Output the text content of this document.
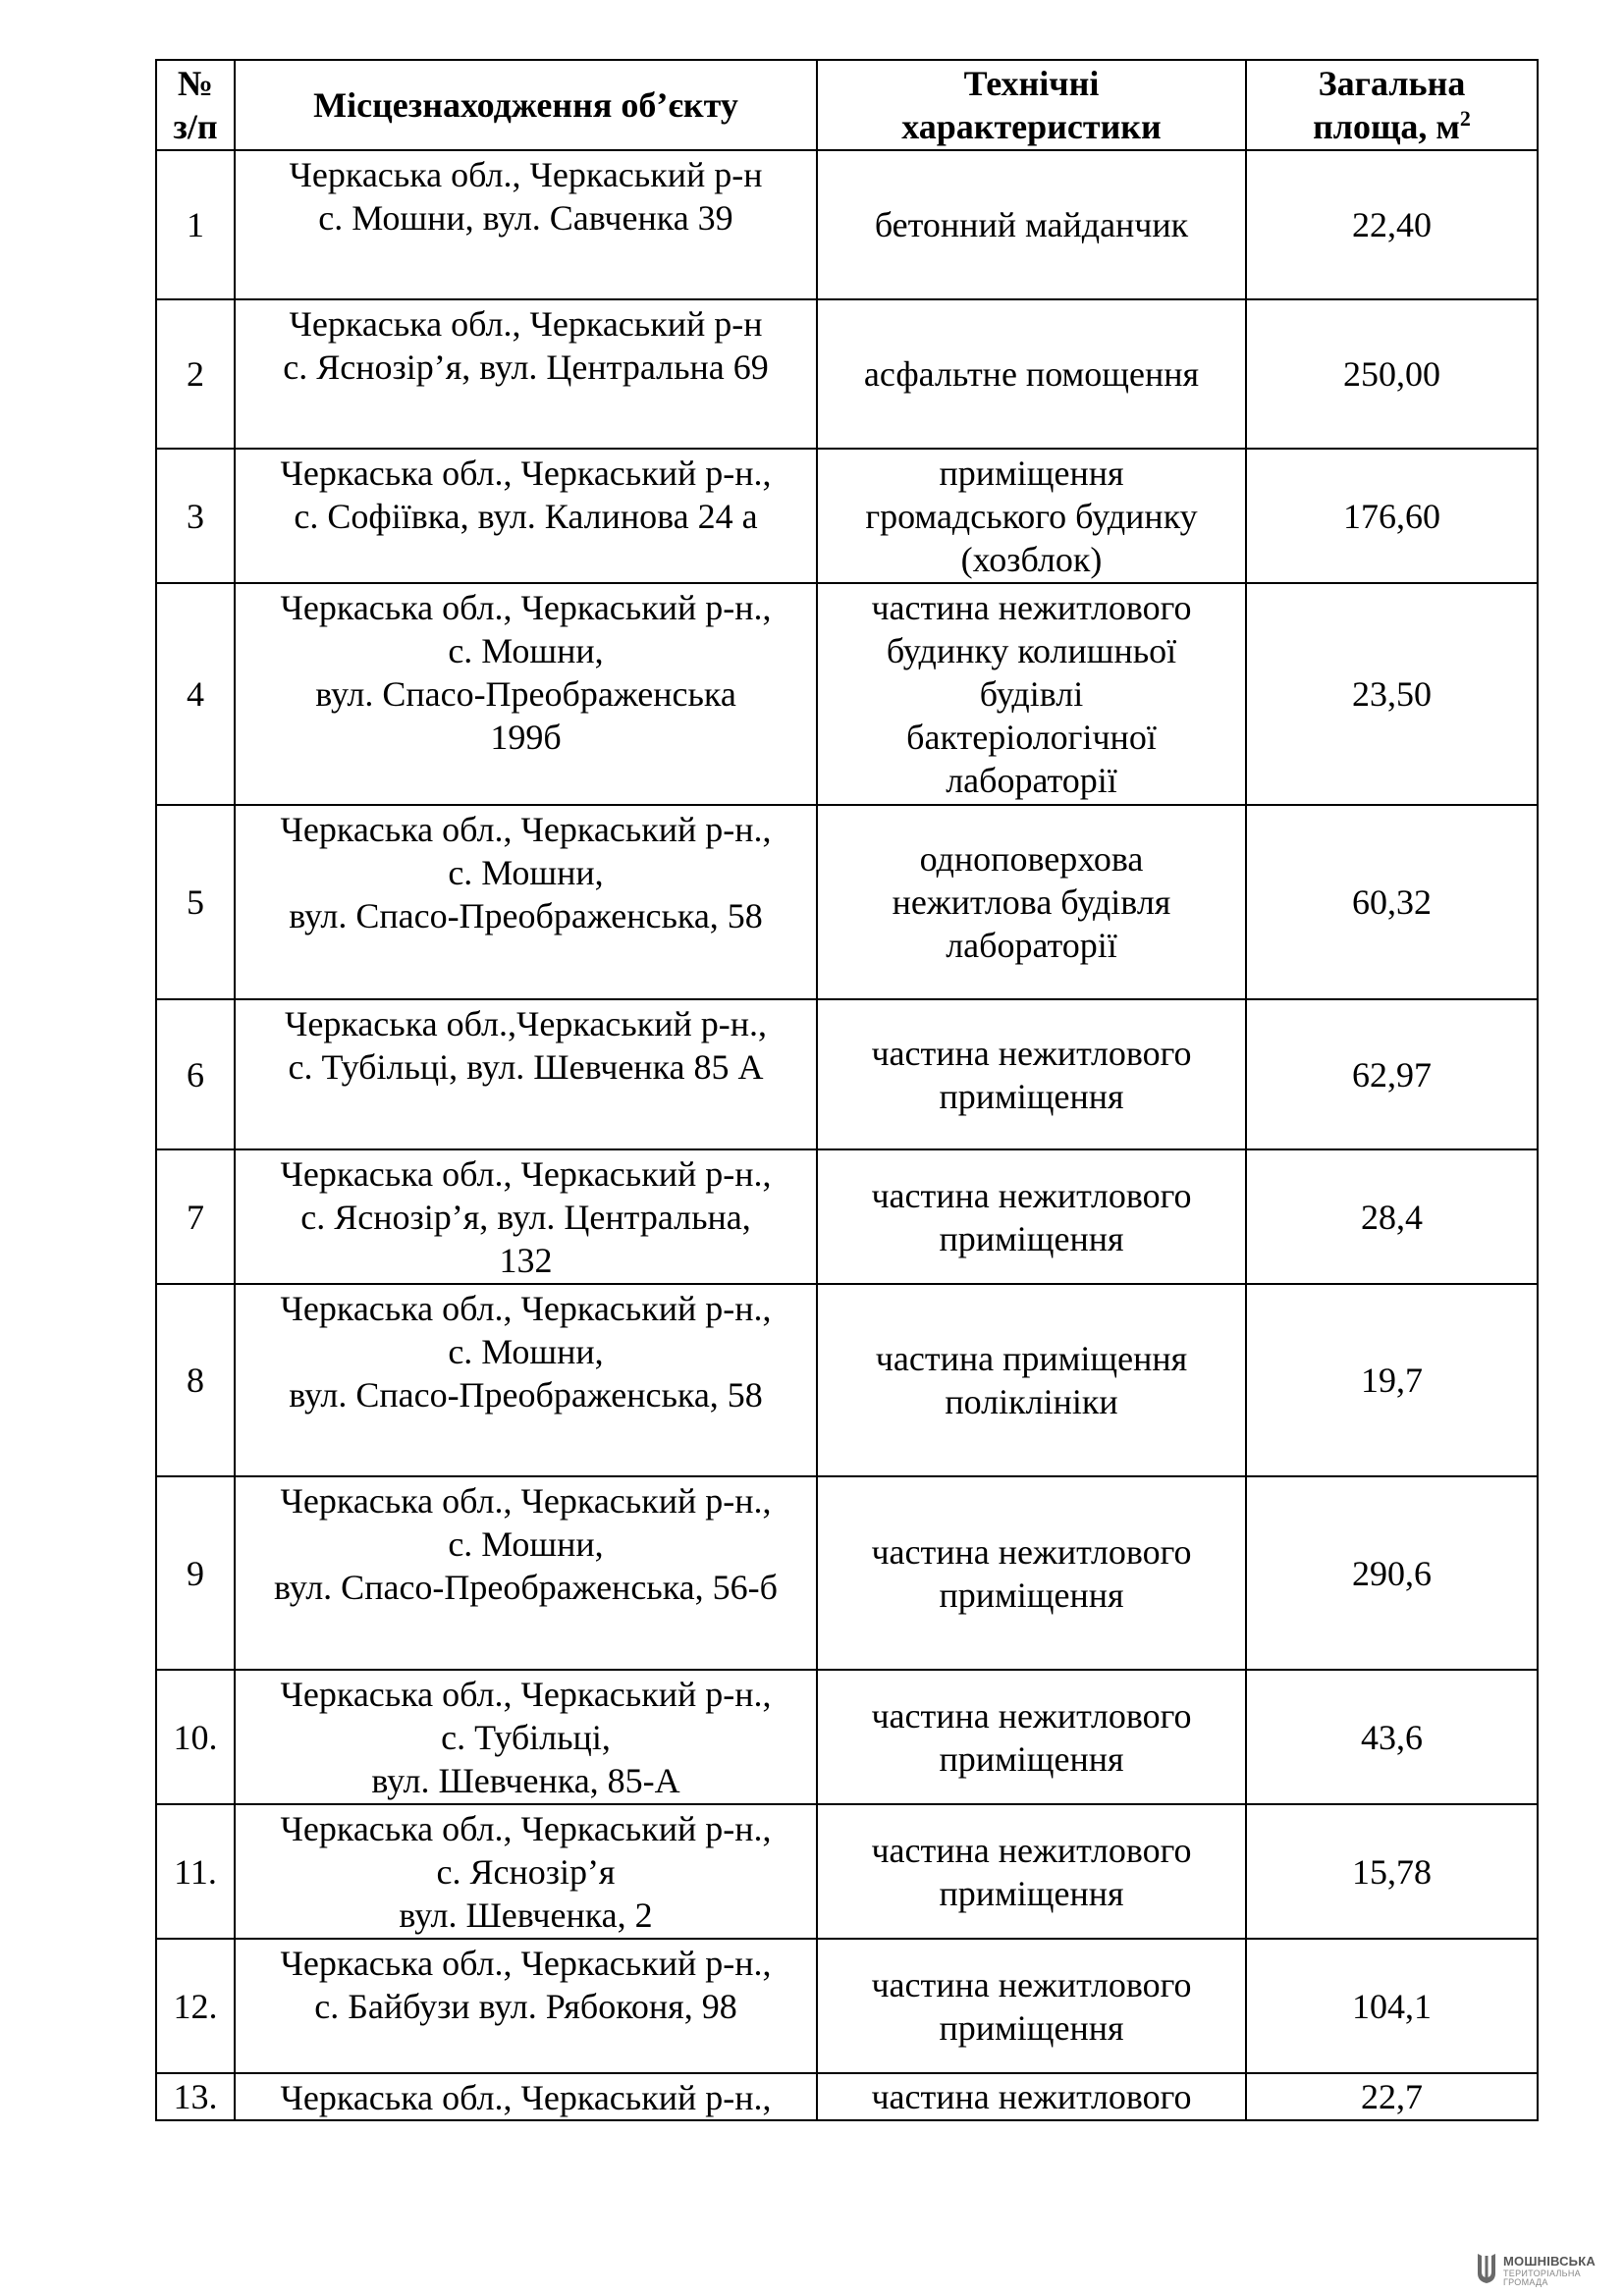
№
з/п	Місцезнаходження об’єкту	Технічні
характеристики	Загальна
площа, $м^2$

1	Черкаська обл., Черкаський р-н
с. Мошни, вул. Савченка 39	бетонний майданчик	22,40
2	Черкаська обл., Черкаський р-н
с. Яснозір’я, вул. Центральна 69	асфальтне помощення	250,00
3	Черкаська обл., Черкаський р-н.,
с. Софіївка, вул. Калинова 24 а	приміщення
громадського будинку
(хозблок)	176,60
4	Черкаська обл., Черкаський р-н.,
с. Мошни,
вул. Спасо-Преображенська
199б	частина нежитлового
будинку колишньої
будівлі
бактеріологічної
лабораторії	23,50
5	Черкаська обл., Черкаський р-н.,
с. Мошни,
вул. Спасо-Преображенська, 58	одноповерхова
нежитлова будівля
лабораторії	60,32
6	Черкаська обл.,Черкаський р-н.,
с. Тубільці, вул. Шевченка 85 А	частина нежитлового
приміщення	62,97
7	Черкаська обл., Черкаський р-н.,
с. Яснозір’я, вул. Центральна,
132	частина нежитлового
приміщення	28,4
8	Черкаська обл., Черкаський р-н.,
с. Мошни,
вул. Спасо-Преображенська, 58	частина приміщення
поліклініки	19,7
9	Черкаська обл., Черкаський р-н.,
с. Мошни,
вул. Спасо-Преображенська, 56-б	частина нежитлового
приміщення	290,6
10.	Черкаська обл., Черкаський р-н.,
с. Тубільці,
вул. Шевченка, 85-А	частина нежитлового
приміщення	43,6
11.	Черкаська обл., Черкаський р-н.,
с. Яснозір’я
вул. Шевченка, 2	частина нежитлового
приміщення	15,78
12.	Черкаська обл., Черкаський р-н.,
с. Байбузи вул. Рябоконя, 98	частина нежитлового
приміщення	104,1
13.	Черкаська обл., Черкаський р-н.,	частина нежитлового	22,7
МОШНІВСЬКА
ТЕРИТОРІАЛЬНА
ГРОМАДА
